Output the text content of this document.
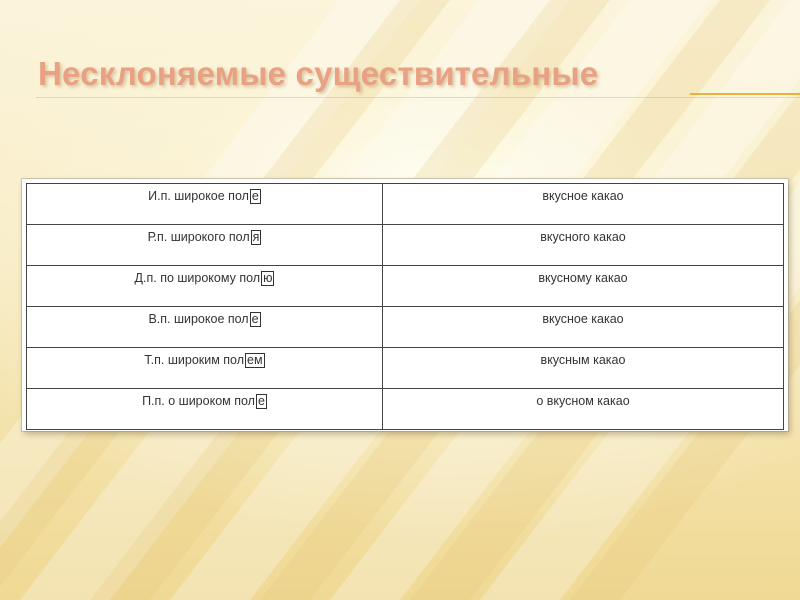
Несклоняемые существительные
И.п. широкое пол е	вкусное какао
Р.п. широкого пол я	вкусного какао
Д.п. по широкому пол ю	вкусному какао
В.п. широкое пол е	вкусное какао
Т.п. широким пол ем	вкусным какао
П.п. о широком пол е	о вкусном какао
